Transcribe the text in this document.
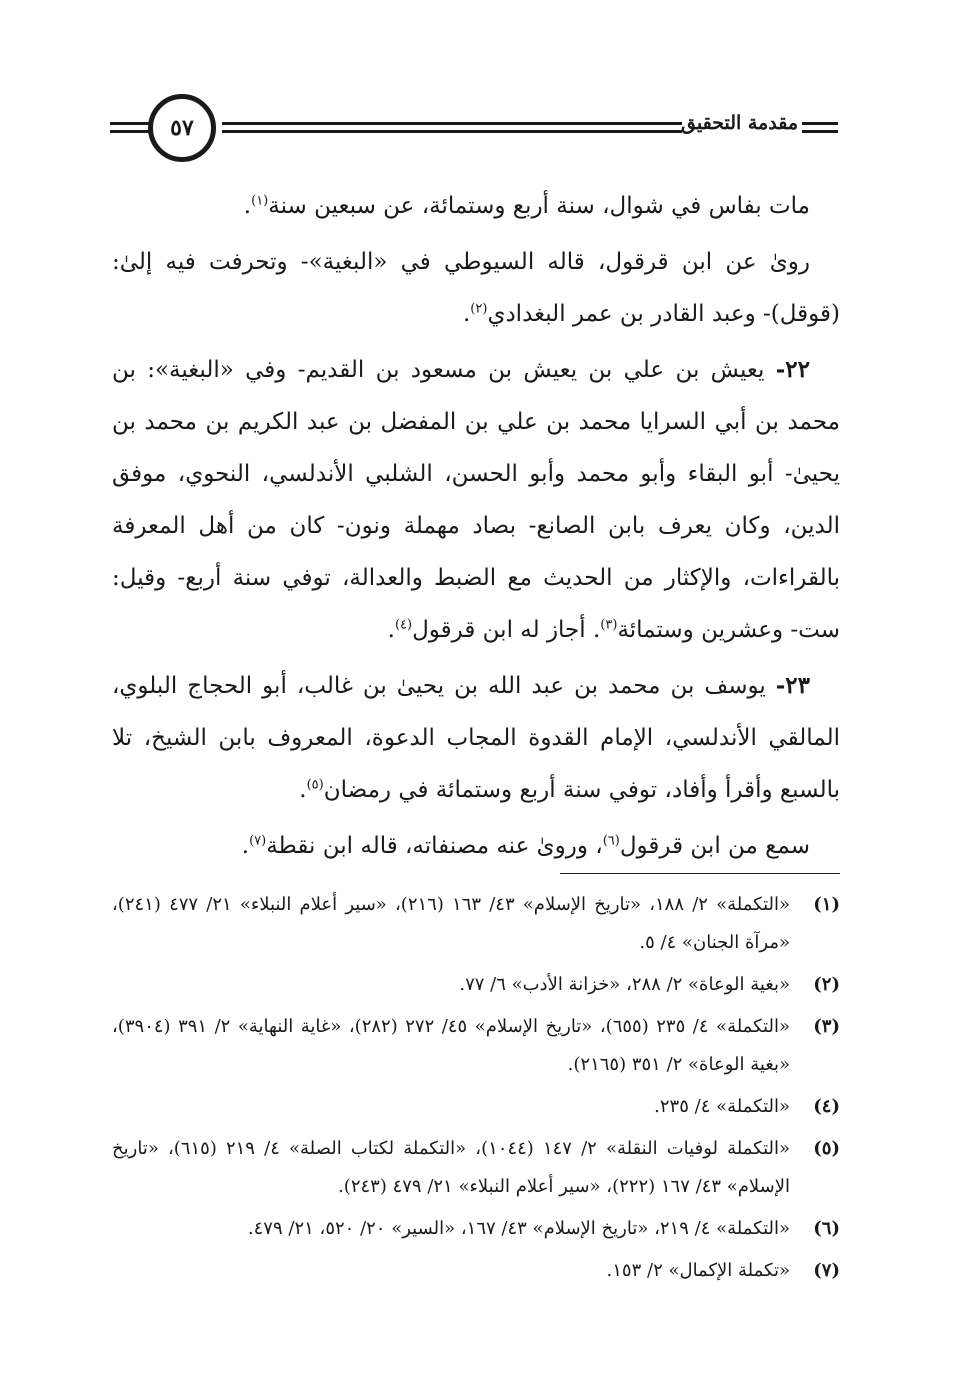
٥٧	مقدمة التحقيق

مات بفاس في شوال، سنة أربع وستمائة، عن سبعين سنة$^{(١)}$.

روىٰ عن ابن قرقول، قاله السيوطي في «البغية»- وتحرفت فيه إلىٰ: (قوقل)- وعبد القادر بن عمر البغدادي$^{(٢)}$.

٢٢- يعيش بن علي بن يعيش بن مسعود بن القديم- وفي «البغية»: بن محمد بن أبي السرايا محمد بن علي بن المفضل بن عبد الكريم بن محمد بن يحيىٰ- أبو البقاء وأبو محمد وأبو الحسن، الشلبي الأندلسي، النحوي، موفق الدين، وكان يعرف بابن الصانع- بصاد مهملة ونون- كان من أهل المعرفة بالقراءات، والإكثار من الحديث مع الضبط والعدالة، توفي سنة أربع- وقيل: ست- وعشرين وستمائة$^{(٣)}$. أجاز له ابن قرقول$^{(٤)}$.

٢٣- يوسف بن محمد بن عبد الله بن يحيىٰ بن غالب، أبو الحجاج البلوي، المالقي الأندلسي، الإمام القدوة المجاب الدعوة، المعروف بابن الشيخ، تلا بالسبع وأقرأ وأفاد، توفي سنة أربع وستمائة في رمضان$^{(٥)}$.

سمع من ابن قرقول$^{(٦)}$، وروىٰ عنه مصنفاته، قاله ابن نقطة$^{(٧)}$.

(١)
«التكملة» ٢/ ١٨٨، «تاريخ الإسلام» ٤٣/ ١٦٣ (٢١٦)، «سير أعلام النبلاء» ٢١/ ٤٧٧ (٢٤١)، «مرآة الجنان» ٤/ ٥.
(٢)
«بغية الوعاة» ٢/ ٢٨٨، «خزانة الأدب» ٦/ ٧٧.
(٣)
«التكملة» ٤/ ٢٣٥ (٦٥٥)، «تاريخ الإسلام» ٤٥/ ٢٧٢ (٢٨٢)، «غاية النهاية» ٢/ ٣٩١ (٣٩٠٤)، «بغية الوعاة» ٢/ ٣٥١ (٢١٦٥).
(٤)
«التكملة» ٤/ ٢٣٥.
(٥)
«التكملة لوفيات النقلة» ٢/ ١٤٧ (١٠٤٤)، «التكملة لكتاب الصلة» ٤/ ٢١٩ (٦١٥)، «تاريخ الإسلام» ٤٣/ ١٦٧ (٢٢٢)، «سير أعلام النبلاء» ٢١/ ٤٧٩ (٢٤٣).
(٦)
«التكملة» ٤/ ٢١٩، «تاريخ الإسلام» ٤٣/ ١٦٧، «السير» ٢٠/ ٥٢٠، ٢١/ ٤٧٩.
(٧)
«تكملة الإكمال» ٢/ ١٥٣.
